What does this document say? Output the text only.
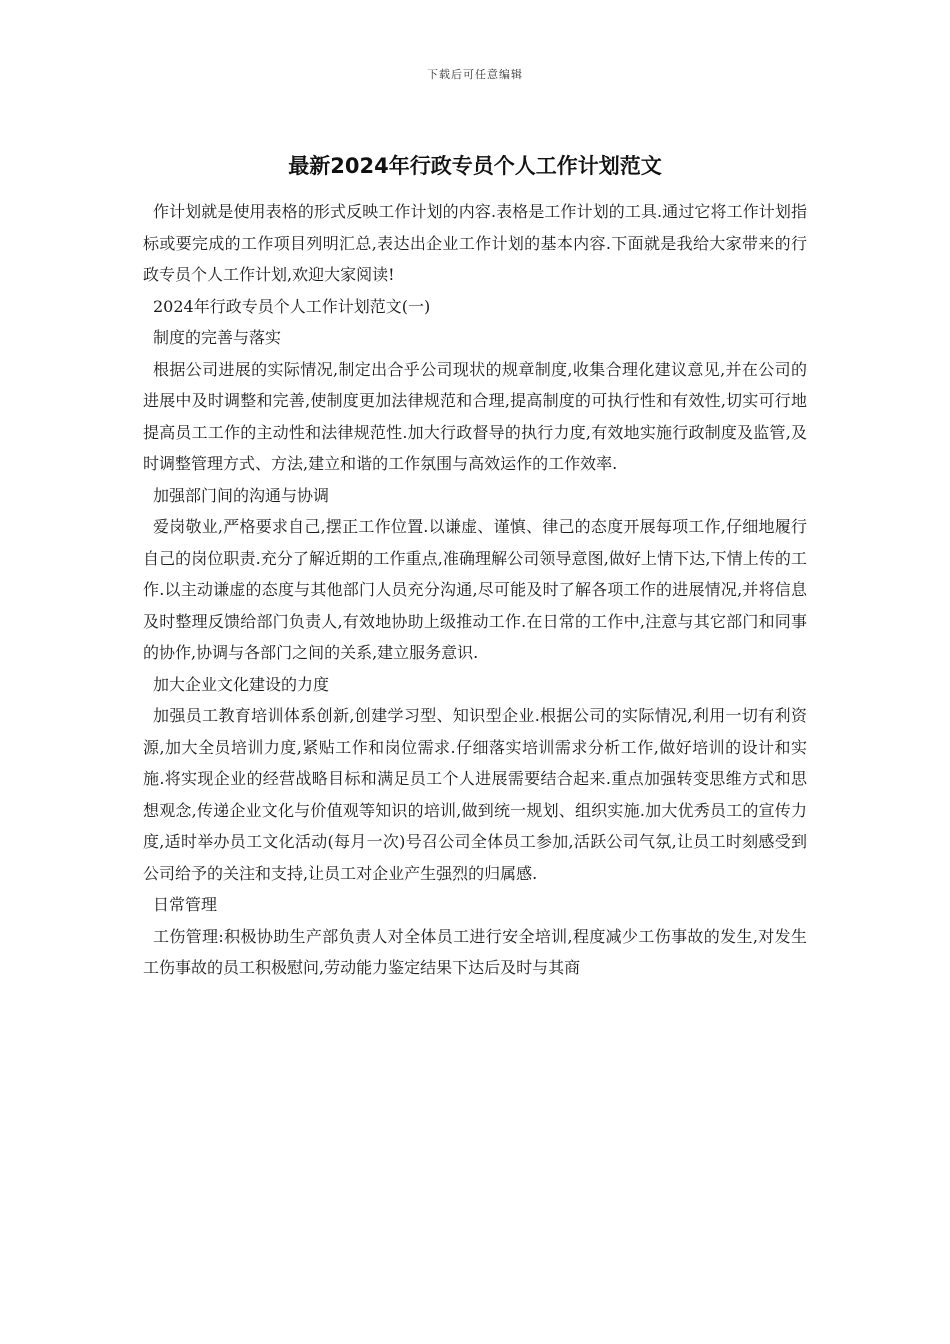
下载后可任意编辑
最新2024年行政专员个人工作计划范文

作计划就是使用表格的形式反映工作计划的内容.表格是工作计划的工具.通过它将工作计划指标或要完成的工作项目列明汇总,表达出企业工作计划的基本内容.下面就是我给大家带来的行政专员个人工作计划,欢迎大家阅读!

2024年行政专员个人工作计划范文(一)

制度的完善与落实

根据公司进展的实际情况,制定出合乎公司现状的规章制度,收集合理化建议意见,并在公司的进展中及时调整和完善,使制度更加法律规范和合理,提高制度的可执行性和有效性,切实可行地提高员工工作的主动性和法律规范性.加大行政督导的执行力度,有效地实施行政制度及监管,及时调整管理方式、方法,建立和谐的工作氛围与高效运作的工作效率.

加强部门间的沟通与协调

爱岗敬业,严格要求自己,摆正工作位置.以谦虚、谨慎、律己的态度开展每项工作,仔细地履行自己的岗位职责.充分了解近期的工作重点,准确理解公司领导意图,做好上情下达,下情上传的工作.以主动谦虚的态度与其他部门人员充分沟通,尽可能及时了解各项工作的进展情况,并将信息及时整理反馈给部门负责人,有效地协助上级推动工作.在日常的工作中,注意与其它部门和同事的协作,协调与各部门之间的关系,建立服务意识.

加大企业文化建设的力度

加强员工教育培训体系创新,创建学习型、知识型企业.根据公司的实际情况,利用一切有利资源,加大全员培训力度,紧贴工作和岗位需求.仔细落实培训需求分析工作,做好培训的设计和实施.将实现企业的经营战略目标和满足员工个人进展需要结合起来.重点加强转变思维方式和思想观念,传递企业文化与价值观等知识的培训,做到统一规划、组织实施.加大优秀员工的宣传力度,适时举办员工文化活动(每月一次)号召公司全体员工参加,活跃公司气氛,让员工时刻感受到公司给予的关注和支持,让员工对企业产生强烈的归属感.

日常管理

工伤管理:积极协助生产部负责人对全体员工进行安全培训,程度减少工伤事故的发生,对发生工伤事故的员工积极慰问,劳动能力鉴定结果下达后及时与其商
